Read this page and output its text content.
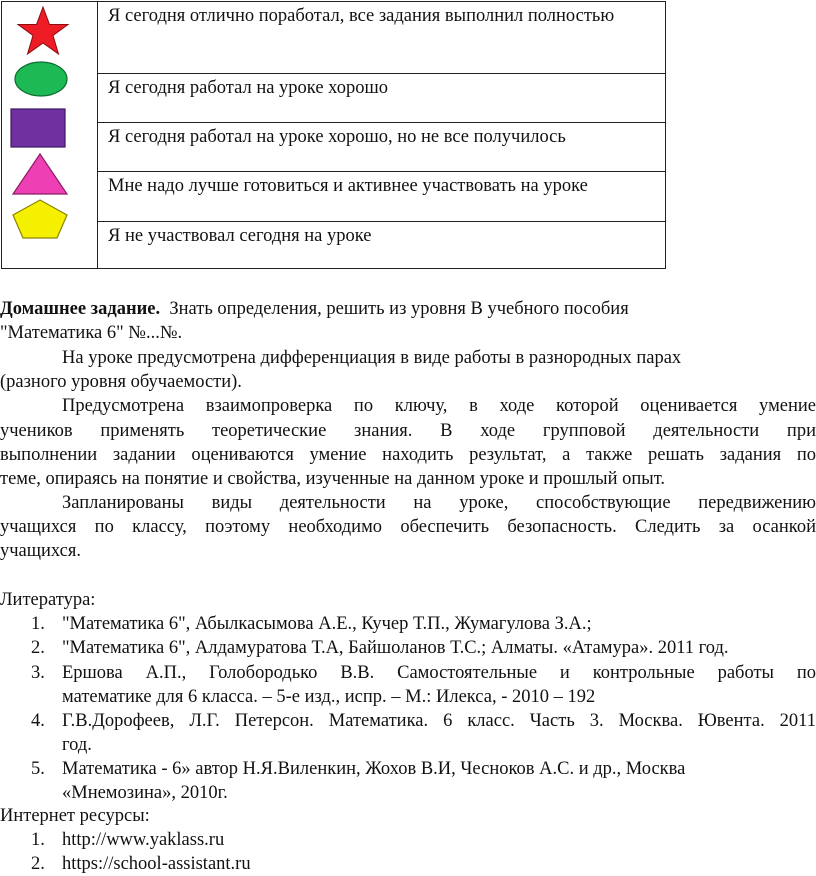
Я сегодня отлично поработал, все задания выполнил полностью
Я сегодня работал на уроке хорошо
Я сегодня работал на уроке хорошо, но не все получилось
Мне надо лучше готовиться и активнее участвовать на уроке
Я не участвовал сегодня на уроке
Домашнее задание. Знать определения, решить из уровня В учебного пособия
"Математика 6" №...№.
На уроке предусмотрена дифференциация в виде работы в разнородных парах
(разного уровня обучаемости).
Предусмотрена взаимопроверка по ключу, в ходе которой оценивается умение
учеников применять теоретические знания. В ходе групповой деятельности при
выполнении задании оцениваются умение находить результат, а также решать задания по
теме, опираясь на понятие и свойства, изученные на данном уроке и прошлый опыт.
Запланированы виды деятельности на уроке, способствующие передвижению
учащихся по классу, поэтому необходимо обеспечить безопасность. Следить за осанкой
учащихся.
Литература:
1. "Математика 6", Абылкасымова А.Е., Кучер Т.П., Жумагулова З.А.;
2. "Математика 6", Алдамуратова Т.А, Байшоланов Т.С.; Алматы. «Атамура». 2011 год.
3. Ершова А.П., Голобородько В.В. Самостоятельные и контрольные работы по
математике для 6 класса. – 5-е изд., испр. – М.: Илекса, - 2010 – 192
4. Г.В.Дорофеев, Л.Г. Петерсон. Математика. 6 класс. Часть 3. Москва. Ювента. 2011
год.
5. Математика - 6» автор Н.Я.Виленкин, Жохов В.И, Чесноков А.С. и др., Москва
«Мнемозина», 2010г.
Интернет ресурсы:
1. http://www.yaklass.ru
2. https://school-assistant.ru
